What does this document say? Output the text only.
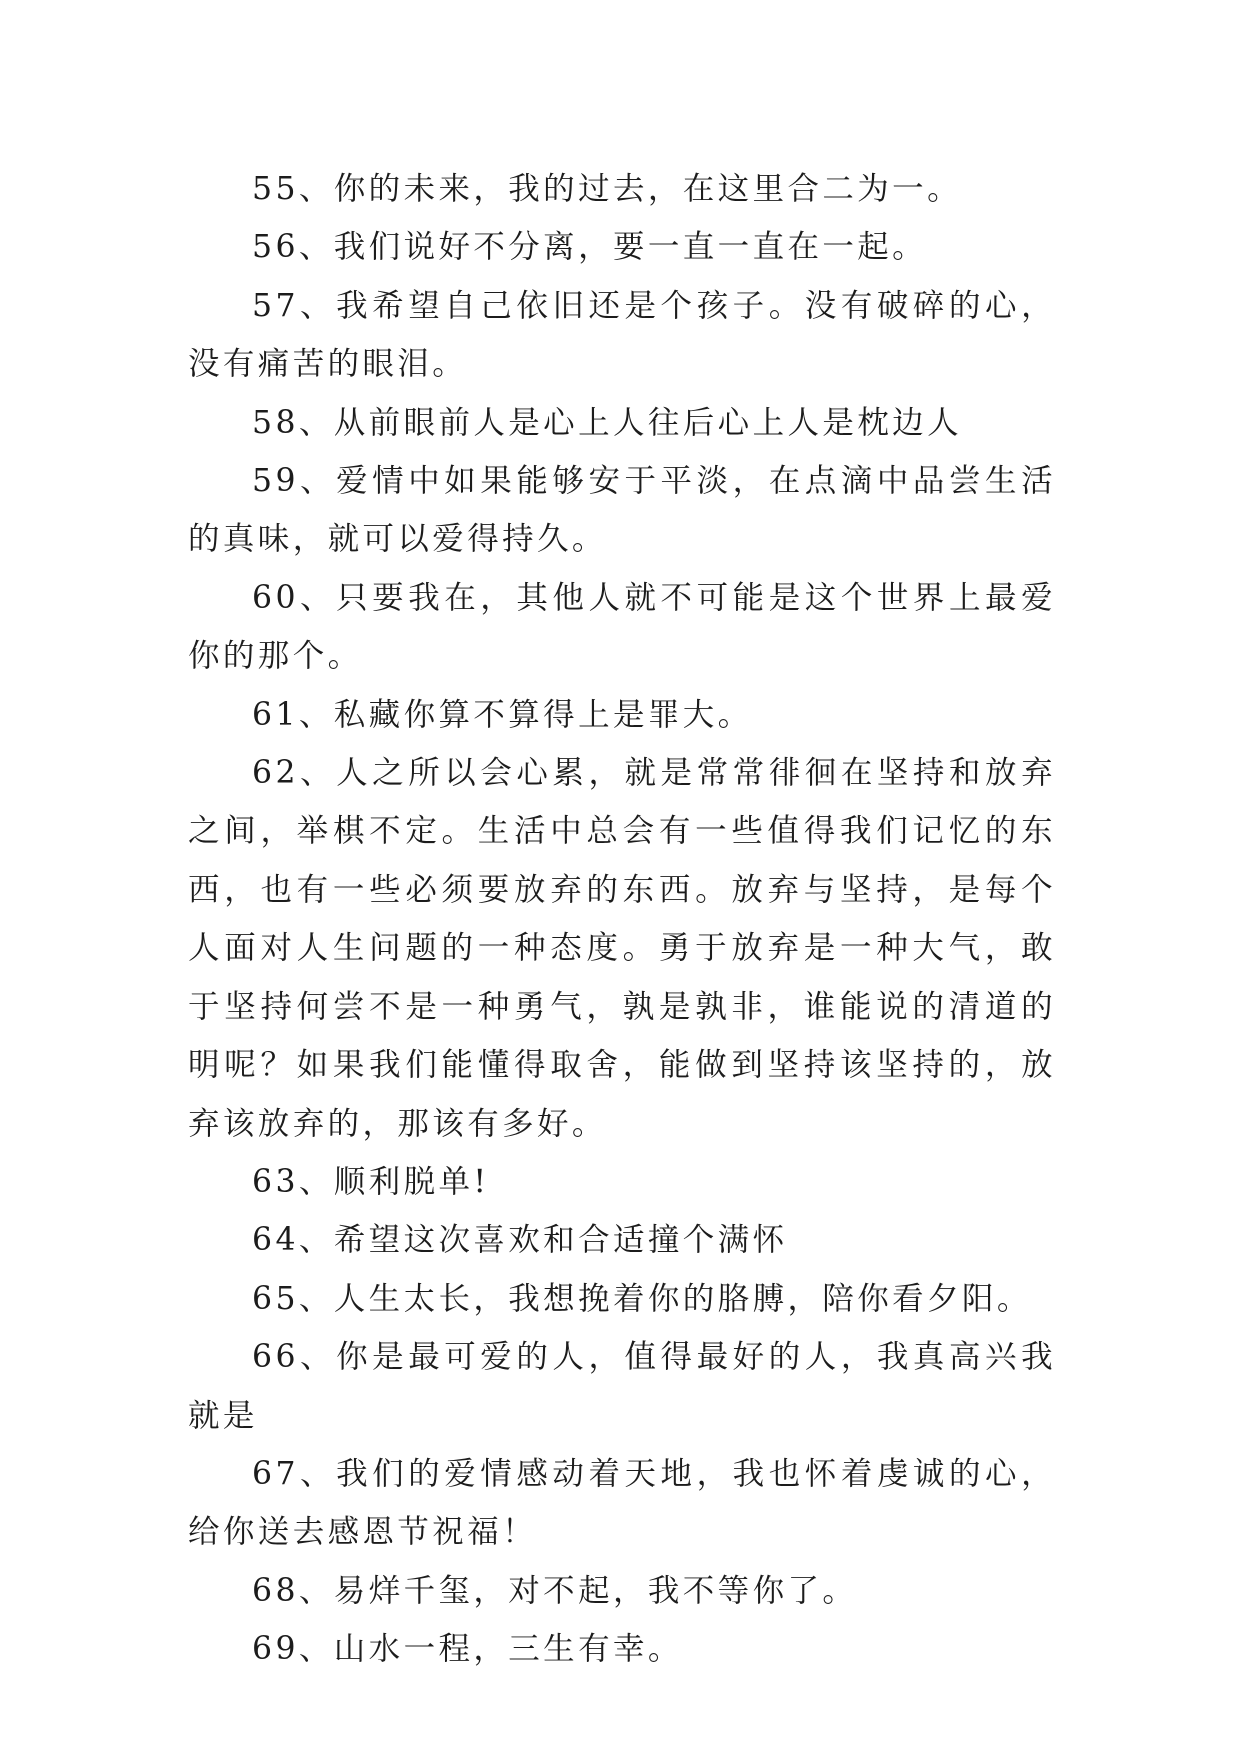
55、你的未来，我的过去，在这里合二为一。

56、我们说好不分离，要一直一直在一起。

57、我希望自己依旧还是个孩子。没有破碎的心，没有痛苦的眼泪。

58、从前眼前人是心上人往后心上人是枕边人

59、爱情中如果能够安于平淡，在点滴中品尝生活的真味，就可以爱得持久。

60、只要我在，其他人就不可能是这个世界上最爱你的那个。

61、私藏你算不算得上是罪大。

62、人之所以会心累，就是常常徘徊在坚持和放弃之间，举棋不定。生活中总会有一些值得我们记忆的东西，也有一些必须要放弃的东西。放弃与坚持，是每个人面对人生问题的一种态度。勇于放弃是一种大气，敢于坚持何尝不是一种勇气，孰是孰非，谁能说的清道的明呢？如果我们能懂得取舍，能做到坚持该坚持的，放弃该放弃的，那该有多好。

63、顺利脱单!

64、希望这次喜欢和合适撞个满怀

65、人生太长，我想挽着你的胳膊，陪你看夕阳。

66、你是最可爱的人，值得最好的人，我真高兴我就是

67、我们的爱情感动着天地，我也怀着虔诚的心，给你送去感恩节祝福！

68、易烊千玺，对不起，我不等你了。

69、山水一程，三生有幸。
